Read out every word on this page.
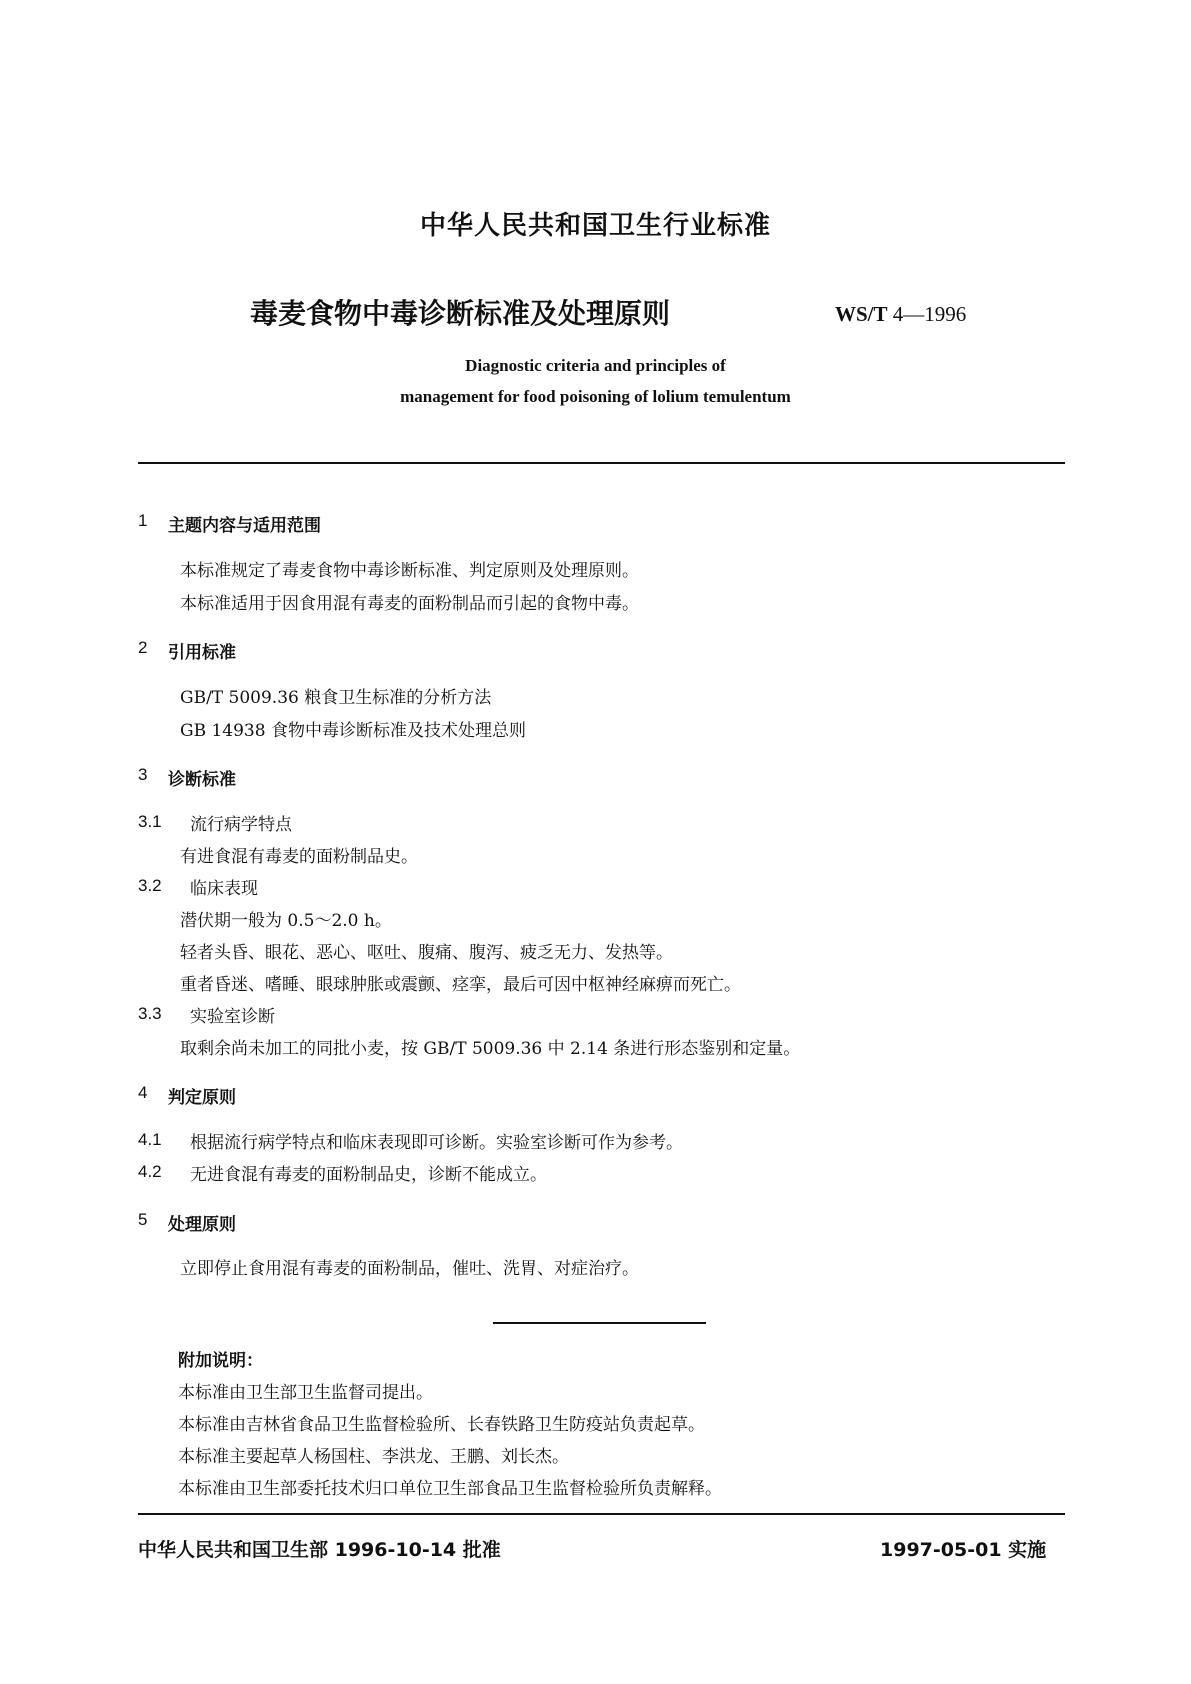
中华人民共和国卫生行业标准
毒麦食物中毒诊断标准及处理原则	WS/T 4—1996
Diagnostic criteria and principles of
management for food poisoning of lolium temulentum
1 主题内容与适用范围
本标准规定了毒麦食物中毒诊断标准、判定原则及处理原则。
本标准适用于因食用混有毒麦的面粉制品而引起的食物中毒。
2 引用标准
GB/T 5009.36 粮食卫生标准的分析方法
GB 14938 食物中毒诊断标准及技术处理总则
3 诊断标准
3.1 流行病学特点
有进食混有毒麦的面粉制品史。
3.2 临床表现
潜伏期一般为 0.5～2.0 h。
轻者头昏、眼花、恶心、呕吐、腹痛、腹泻、疲乏无力、发热等。
重者昏迷、嗜睡、眼球肿胀或震颤、痉挛，最后可因中枢神经麻痹而死亡。
3.3 实验室诊断
取剩余尚未加工的同批小麦，按 GB/T 5009.36 中 2.14 条进行形态鉴别和定量。
4 判定原则
4.1 根据流行病学特点和临床表现即可诊断。实验室诊断可作为参考。
4.2 无进食混有毒麦的面粉制品史，诊断不能成立。
5 处理原则
立即停止食用混有毒麦的面粉制品，催吐、洗胃、对症治疗。
附加说明：
本标准由卫生部卫生监督司提出。
本标准由吉林省食品卫生监督检验所、长春铁路卫生防疫站负责起草。
本标准主要起草人杨国柱、李洪龙、王鹏、刘长杰。
本标准由卫生部委托技术归口单位卫生部食品卫生监督检验所负责解释。
中华人民共和国卫生部 1996-10-14 批准	1997-05-01 实施
